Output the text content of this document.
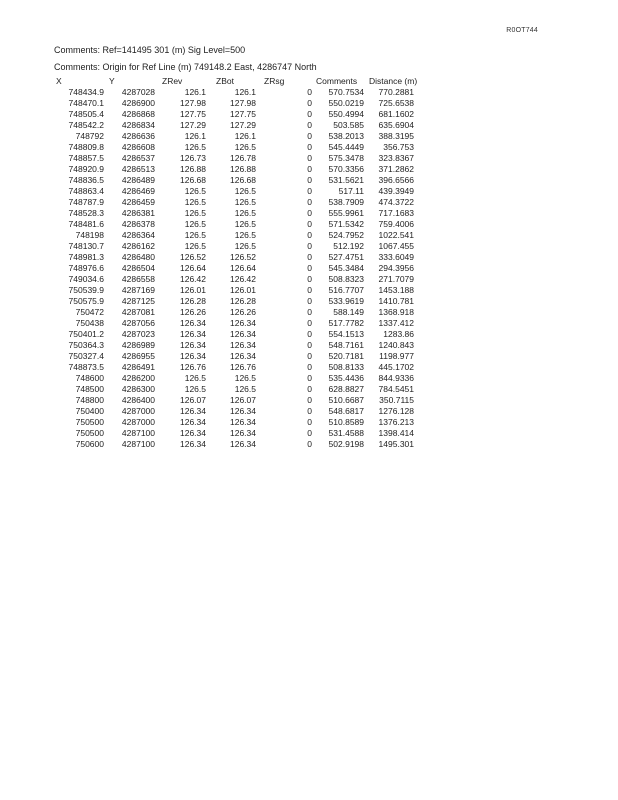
R0OT744
Comments: Ref=141495 301 (m) Sig Level=500
Comments: Origin for Ref Line (m) 749148.2 East, 4286747 North
X	Y	ZRev	ZBot	ZRsg	Comments Distance (m)
748434.9 4287028	126.1	126.1	0 570.7534 770.2881
748470.1 4286900	127.98	127.98	0 550.0219 725.6538
748505.4 4286868	127.75	127.75	0 550.4994 681.1602
748542.2 4286834	127.29	127.29	0	503.585 635.6904
748792 4286636	126.1	126.1	0 538.2013 388.3195
748809.8 4286608	126.5	126.5	0 545.4449 356.753
748857.5 4286537	126.73	126.78	0 575.3478 323.8367
748920.9 4286513	126.88	126.88	0 570.3356 371.2862
748836.5 4286489	126.68	126.68	0 531.5621 396.6566
748863.4 4286469	126.5	126.5	0	517.11 439.3949
748787.9 4286459	126.5	126.5	0 538.7909 474.3722
748528.3 4286381	126.5	126.5	0 555.9961 717.1683
748481.6 4286378	126.5	126.5	0 571.5342 759.4006
748198 4286364	126.5	126.5	0 524.7952 1022.541
748130.7 4286162	126.5	126.5	0	512.192 1067.455
748981.3 4286480	126.52	126.52	0 527.4751 333.6049
748976.6 4286504	126.64	126.64	0 545.3484 294.3956
749034.6 4286558	126.42	126.42	0 508.8323 271.7079
750539.9 4287169	126.01	126.01	0 516.7707 1453.188
750575.9 4287125	126.28	126.28	0 533.9619 1410.781
750472 4287081	126.26	126.26	0	588.149 1368.918
750438 4287056	126.34	126.34	0 517.7782 1337.412
750401.2 4287023	126.34	126.34	0 554.1513 1283.86
750364.3 4286989	126.34	126.34	0 548.7161 1240.843
750327.4 4286955	126.34	126.34	0 520.7181 1198.977
748873.5 4286491	126.76	126.76	0 508.8133 445.1702
748600 4286200	126.5	126.5	0 535.4436 844.9336
748500 4286300	126.5	126.5	0 628.8827 784.5451
748800 4286400	126.07	126.07	0 510.6687 350.7115
750400 4287000	126.34	126.34	0 548.6817 1276.128
750500 4287000	126.34	126.34	0 510.8589 1376.213
750500 4287100	126.34	126.34	0 531.4588 1398.414
750600 4287100	126.34	126.34	0 502.9198 1495.301
